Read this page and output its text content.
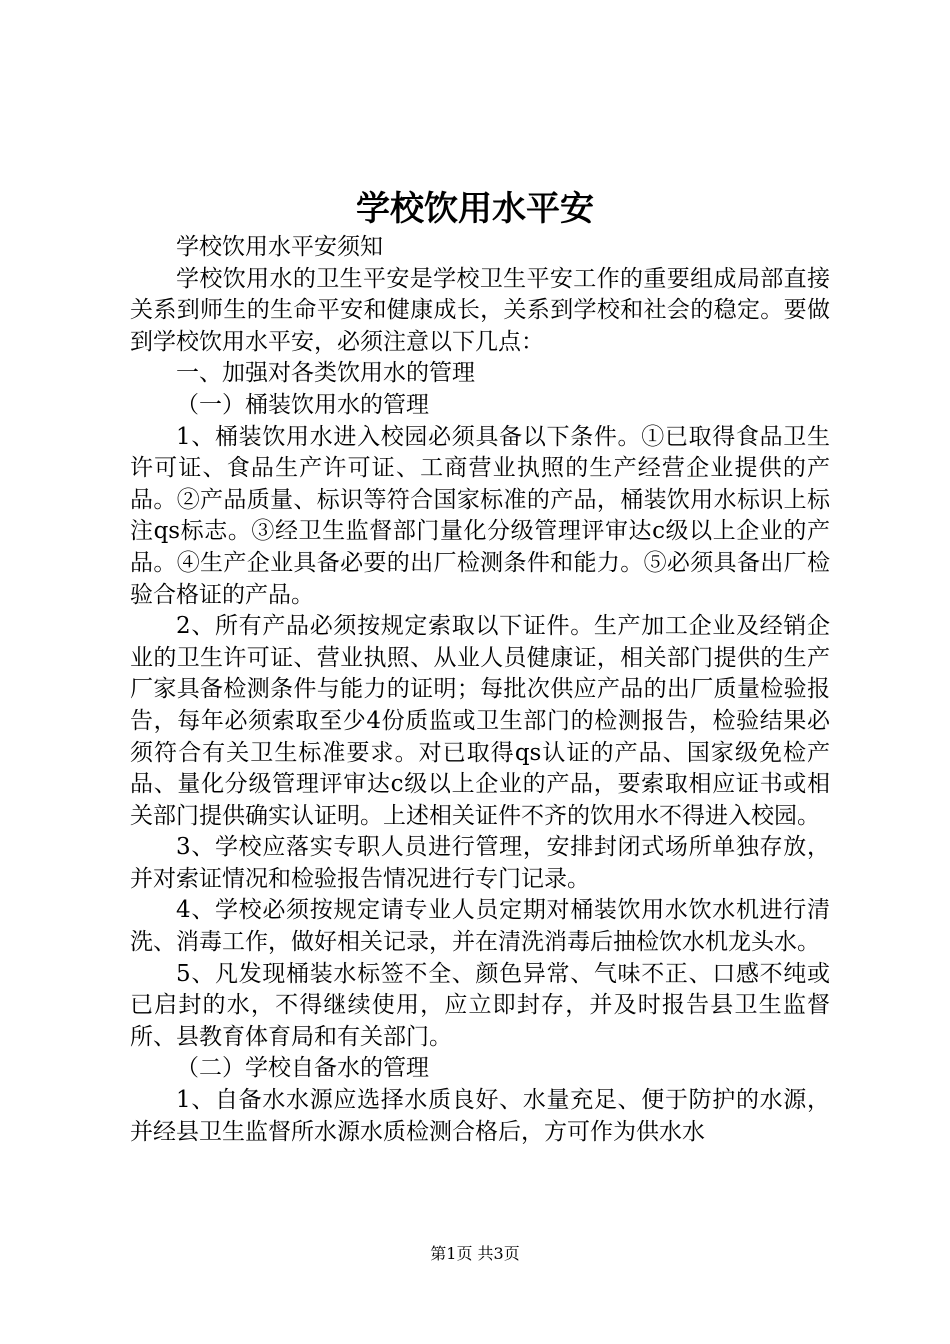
学校饮用水平安

学校饮用水平安须知

学校饮用水的卫生平安是学校卫生平安工作的重要组成局部直接关系到师生的生命平安和健康成长，关系到学校和社会的稳定。要做到学校饮用水平安，必须注意以下几点：

一、加强对各类饮用水的管理

（一）桶装饮用水的管理

1、桶装饮用水进入校园必须具备以下条件。①已取得食品卫生许可证、食品生产许可证、工商营业执照的生产经营企业提供的产品。②产品质量、标识等符合国家标准的产品，桶装饮用水标识上标注qs标志。③经卫生监督部门量化分级管理评审达c级以上企业的产品。④生产企业具备必要的出厂检测条件和能力。⑤必须具备出厂检验合格证的产品。

2、所有产品必须按规定索取以下证件。生产加工企业及经销企业的卫生许可证、营业执照、从业人员健康证，相关部门提供的生产厂家具备检测条件与能力的证明；每批次供应产品的出厂质量检验报告，每年必须索取至少4份质监或卫生部门的检测报告，检验结果必须符合有关卫生标准要求。对已取得qs认证的产品、国家级免检产品、量化分级管理评审达c级以上企业的产品，要索取相应证书或相关部门提供确实认证明。上述相关证件不齐的饮用水不得进入校园。

3、学校应落实专职人员进行管理，安排封闭式场所单独存放，并对索证情况和检验报告情况进行专门记录。

4、学校必须按规定请专业人员定期对桶装饮用水饮水机进行清洗、消毒工作，做好相关记录，并在清洗消毒后抽检饮水机龙头水。

5、凡发现桶装水标签不全、颜色异常、气味不正、口感不纯或已启封的水，不得继续使用，应立即封存，并及时报告县卫生监督所、县教育体育局和有关部门。

（二）学校自备水的管理

1、自备水水源应选择水质良好、水量充足、便于防护的水源，并经县卫生监督所水源水质检测合格后，方可作为供水水

第1页 共3页
